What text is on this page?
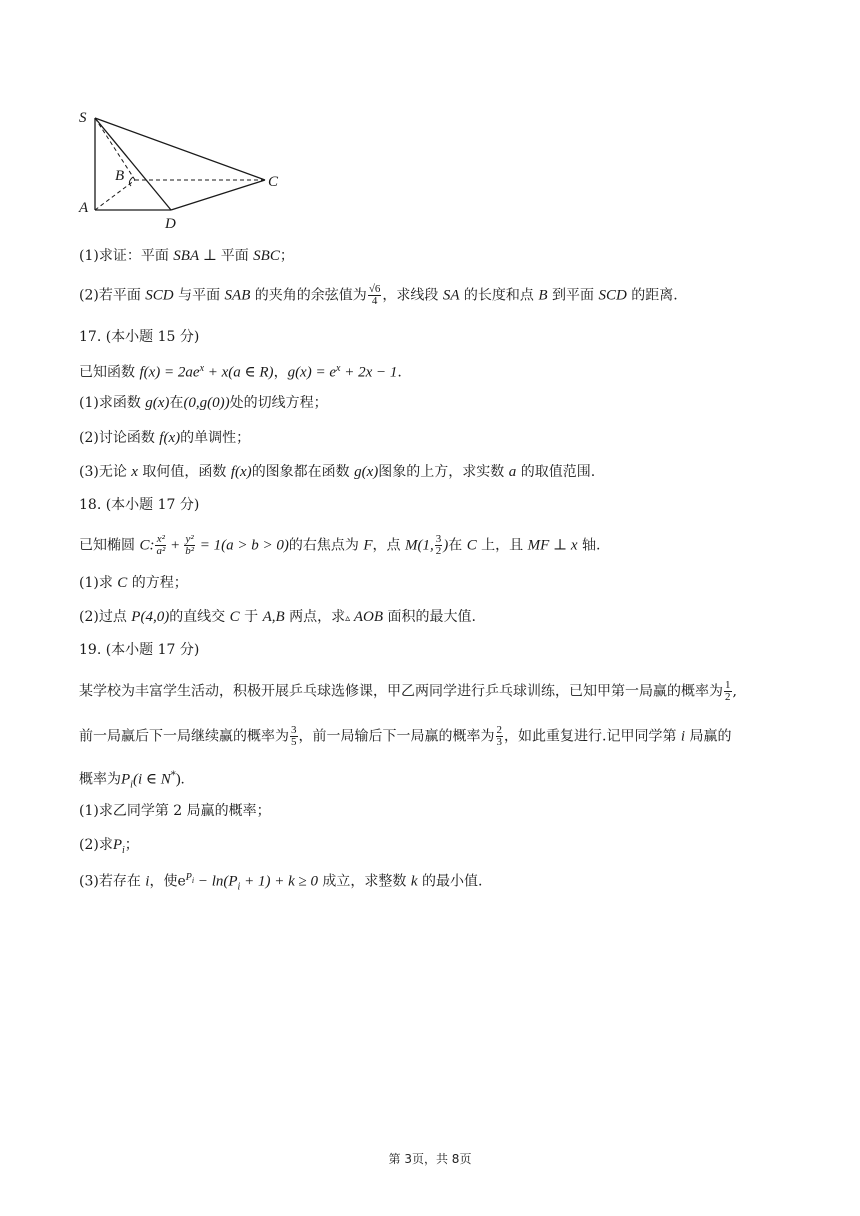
S
B	C
A
D
(1)求证：平面 SBA ⊥ 平面 SBC；
(2)若平面 SCD 与平面 SAB 的夹角的余弦值为 $\frac{√6}{4}$ ，求线段 SA 的长度和点 B 到平面 SCD 的距离.
17. (本小题 15 分)
已知函数 $f(x) = 2ae^x + x(a$ ∈ R)，$g(x) = e^x + 2x - 1$.
(1)求函数 g(x)在(0,g(0))处的切线方程；
(2)讨论函数 f(x)的单调性；
(3)无论 x 取何值，函数 f(x)的图象都在函数 g(x)图象的上方，求实数 a 的取值范围.
18. (本小题 17 分)
已知椭圆 C: $\frac{\text{x²}}{\text{a²}} + \frac{\text{y²}}{\text{b²}} = 1(a > b > 0)$的右焦点为 F，点 M(1, $\frac{3}{2}$ )在 C 上，且 MF ⊥ x 轴.
(1)求 C 的方程；
(2)过点 P(4,0)的直线交 C 于 A,B 两点，求▵ AOB 面积的最大值.
19. (本小题 17 分)
某学校为丰富学生活动，积极开展乒乓球选修课，甲乙两同学进行乒乓球训练，已知甲第一局赢的概率为 $\frac{1}{2}$ ,
前一局赢后下一局继续赢的概率为 $\frac{3}{5}$ ，前一局输后下一局赢的概率为 $\frac{2}{3}$ ，如此重复进行.记甲同学第 i 局赢的
概率为$P_i(i$ ∈ N*).
(1)求乙同学第 2 局赢的概率；
(2)求$P_i$；
(3)若存在 i，使$e^{P_i} - \ln(P_i + 1) + k \ge 0$ 成立，求整数 k 的最小值.
第 3页，共 8页
